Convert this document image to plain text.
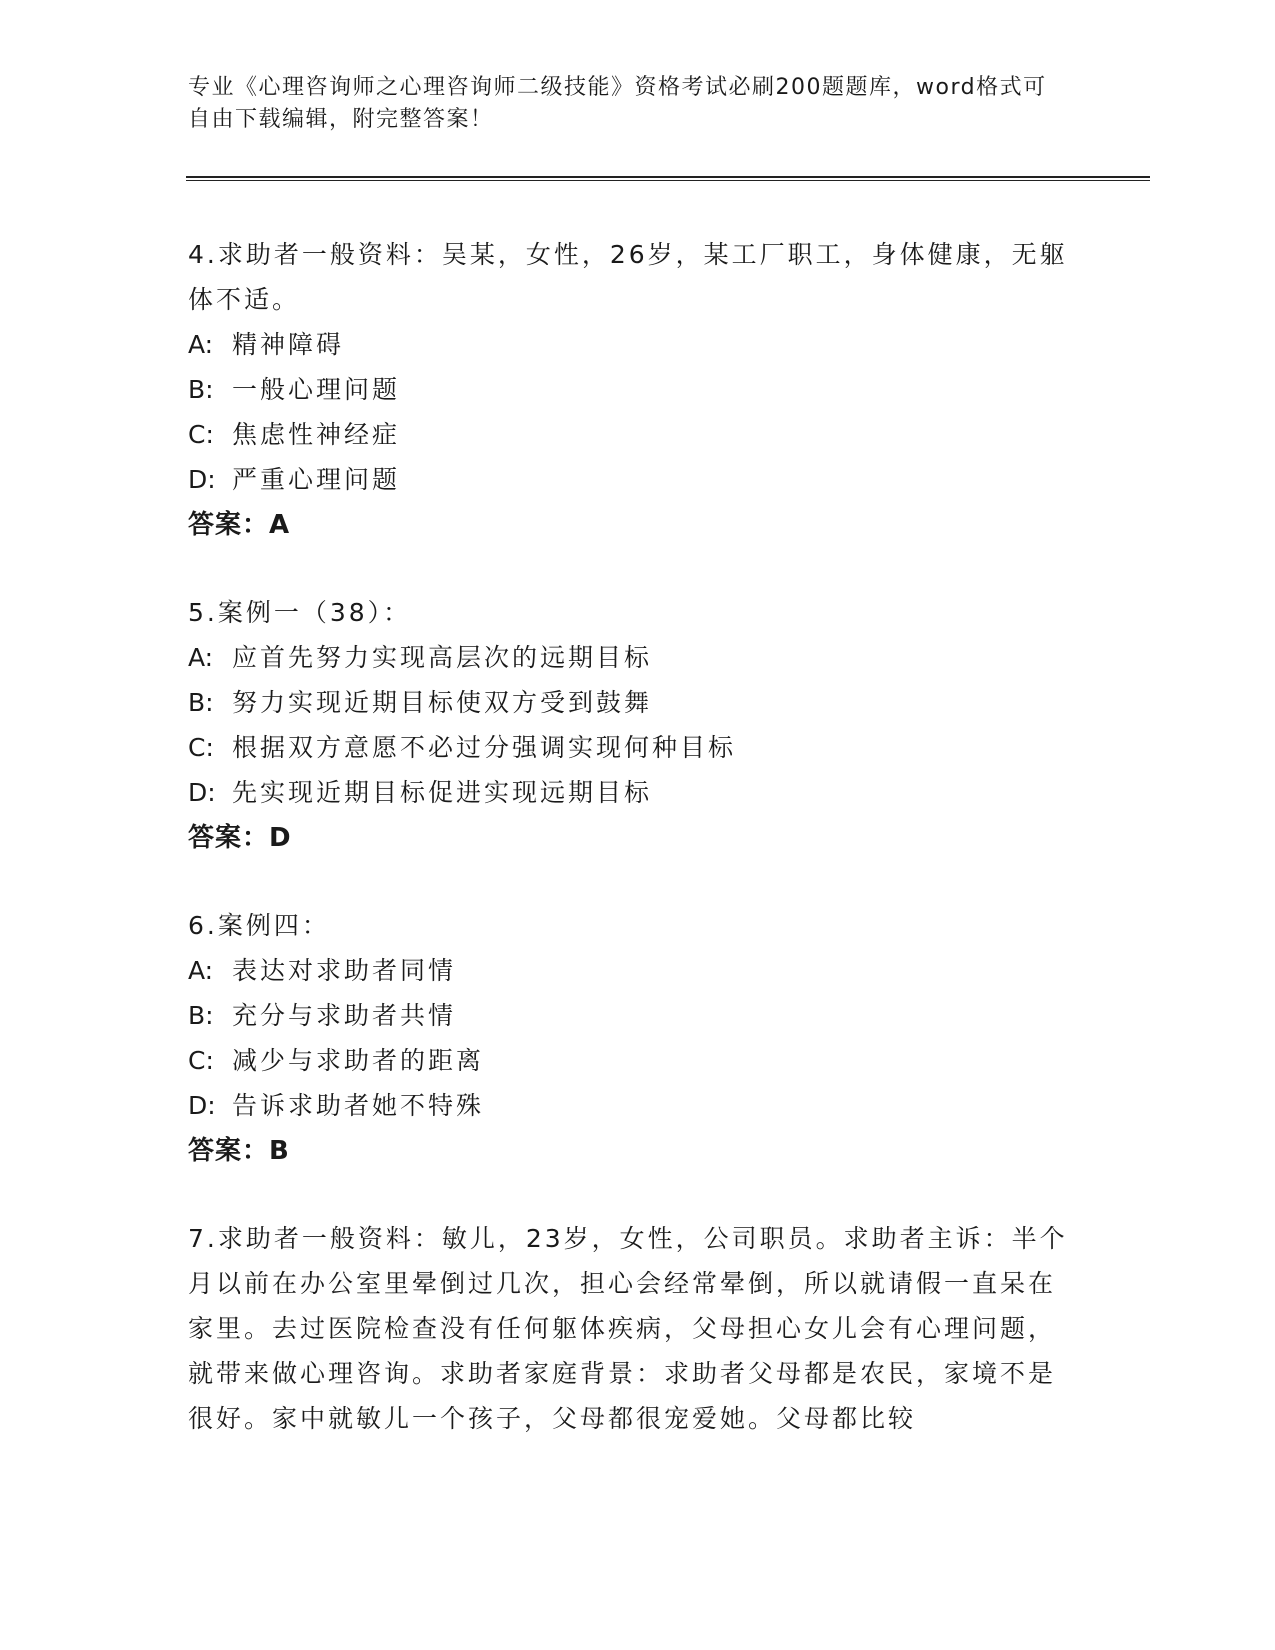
专业《心理咨询师之心理咨询师二级技能》资格考试必刷200题题库，word格式可自由下载编辑，附完整答案！

4.求助者一般资料：吴某，女性，26岁，某工厂职工，身体健康，无躯体不适。

A: 精神障碍

B: 一般心理问题

C: 焦虑性神经症

D: 严重心理问题

答案：A

5.案例一（38）：

A: 应首先努力实现高层次的远期目标

B: 努力实现近期目标使双方受到鼓舞

C: 根据双方意愿不必过分强调实现何种目标

D: 先实现近期目标促进实现远期目标

答案：D

6.案例四：

A: 表达对求助者同情

B: 充分与求助者共情

C: 减少与求助者的距离

D: 告诉求助者她不特殊

答案：B

7.求助者一般资料：敏儿，23岁，女性，公司职员。求助者主诉：半个月以前在办公室里晕倒过几次，担心会经常晕倒，所以就请假一直呆在家里。去过医院检查没有任何躯体疾病，父母担心女儿会有心理问题，就带来做心理咨询。求助者家庭背景：求助者父母都是农民，家境不是很好。家中就敏儿一个孩子，父母都很宠爱她。父母都比较
